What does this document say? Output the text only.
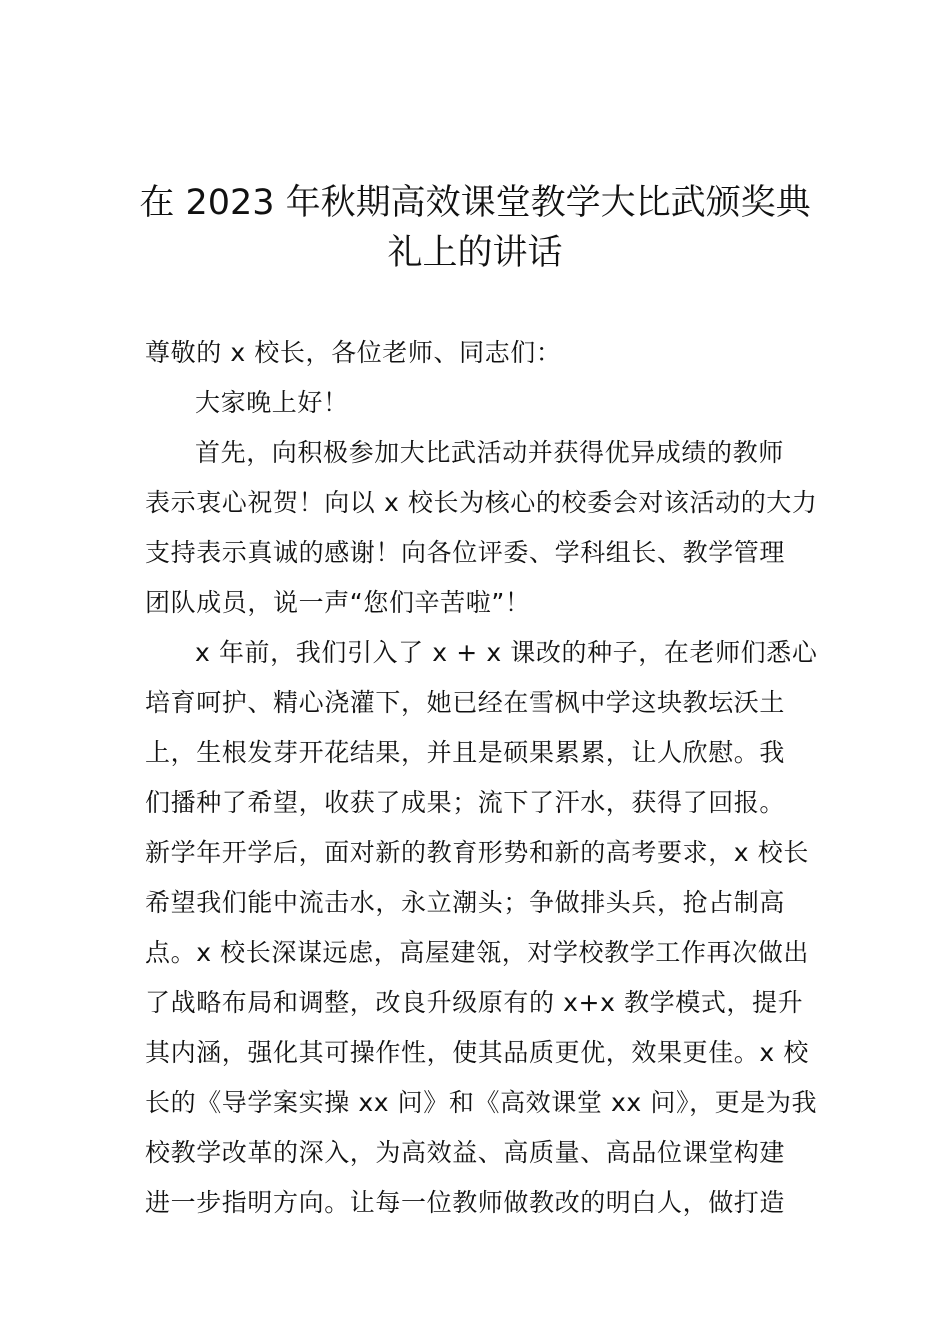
在 2023 年秋期高效课堂教学大比武颁奖典
礼上的讲话

尊敬的 x 校长，各位老师、同志们：

大家晚上好！

首先，向积极参加大比武活动并获得优异成绩的教师

表示衷心祝贺！向以 x 校长为核心的校委会对该活动的大力

支持表示真诚的感谢！向各位评委、学科组长、教学管理

团队成员，说一声“您们辛苦啦”！

x 年前，我们引入了 x + x 课改的种子，在老师们悉心

培育呵护、精心浇灌下，她已经在雪枫中学这块教坛沃土

上，生根发芽开花结果，并且是硕果累累，让人欣慰。我

们播种了希望，收获了成果；流下了汗水，获得了回报。

新学年开学后，面对新的教育形势和新的高考要求，x 校长

希望我们能中流击水，永立潮头；争做排头兵，抢占制高

点。x 校长深谋远虑，高屋建瓴，对学校教学工作再次做出

了战略布局和调整，改良升级原有的 x+x 教学模式，提升

其内涵，强化其可操作性，使其品质更优，效果更佳。x 校

长的《导学案实操 xx 问》和《高效课堂 xx 问》，更是为我

校教学改革的深入，为高效益、高质量、高品位课堂构建

进一步指明方向。让每一位教师做教改的明白人，做打造
